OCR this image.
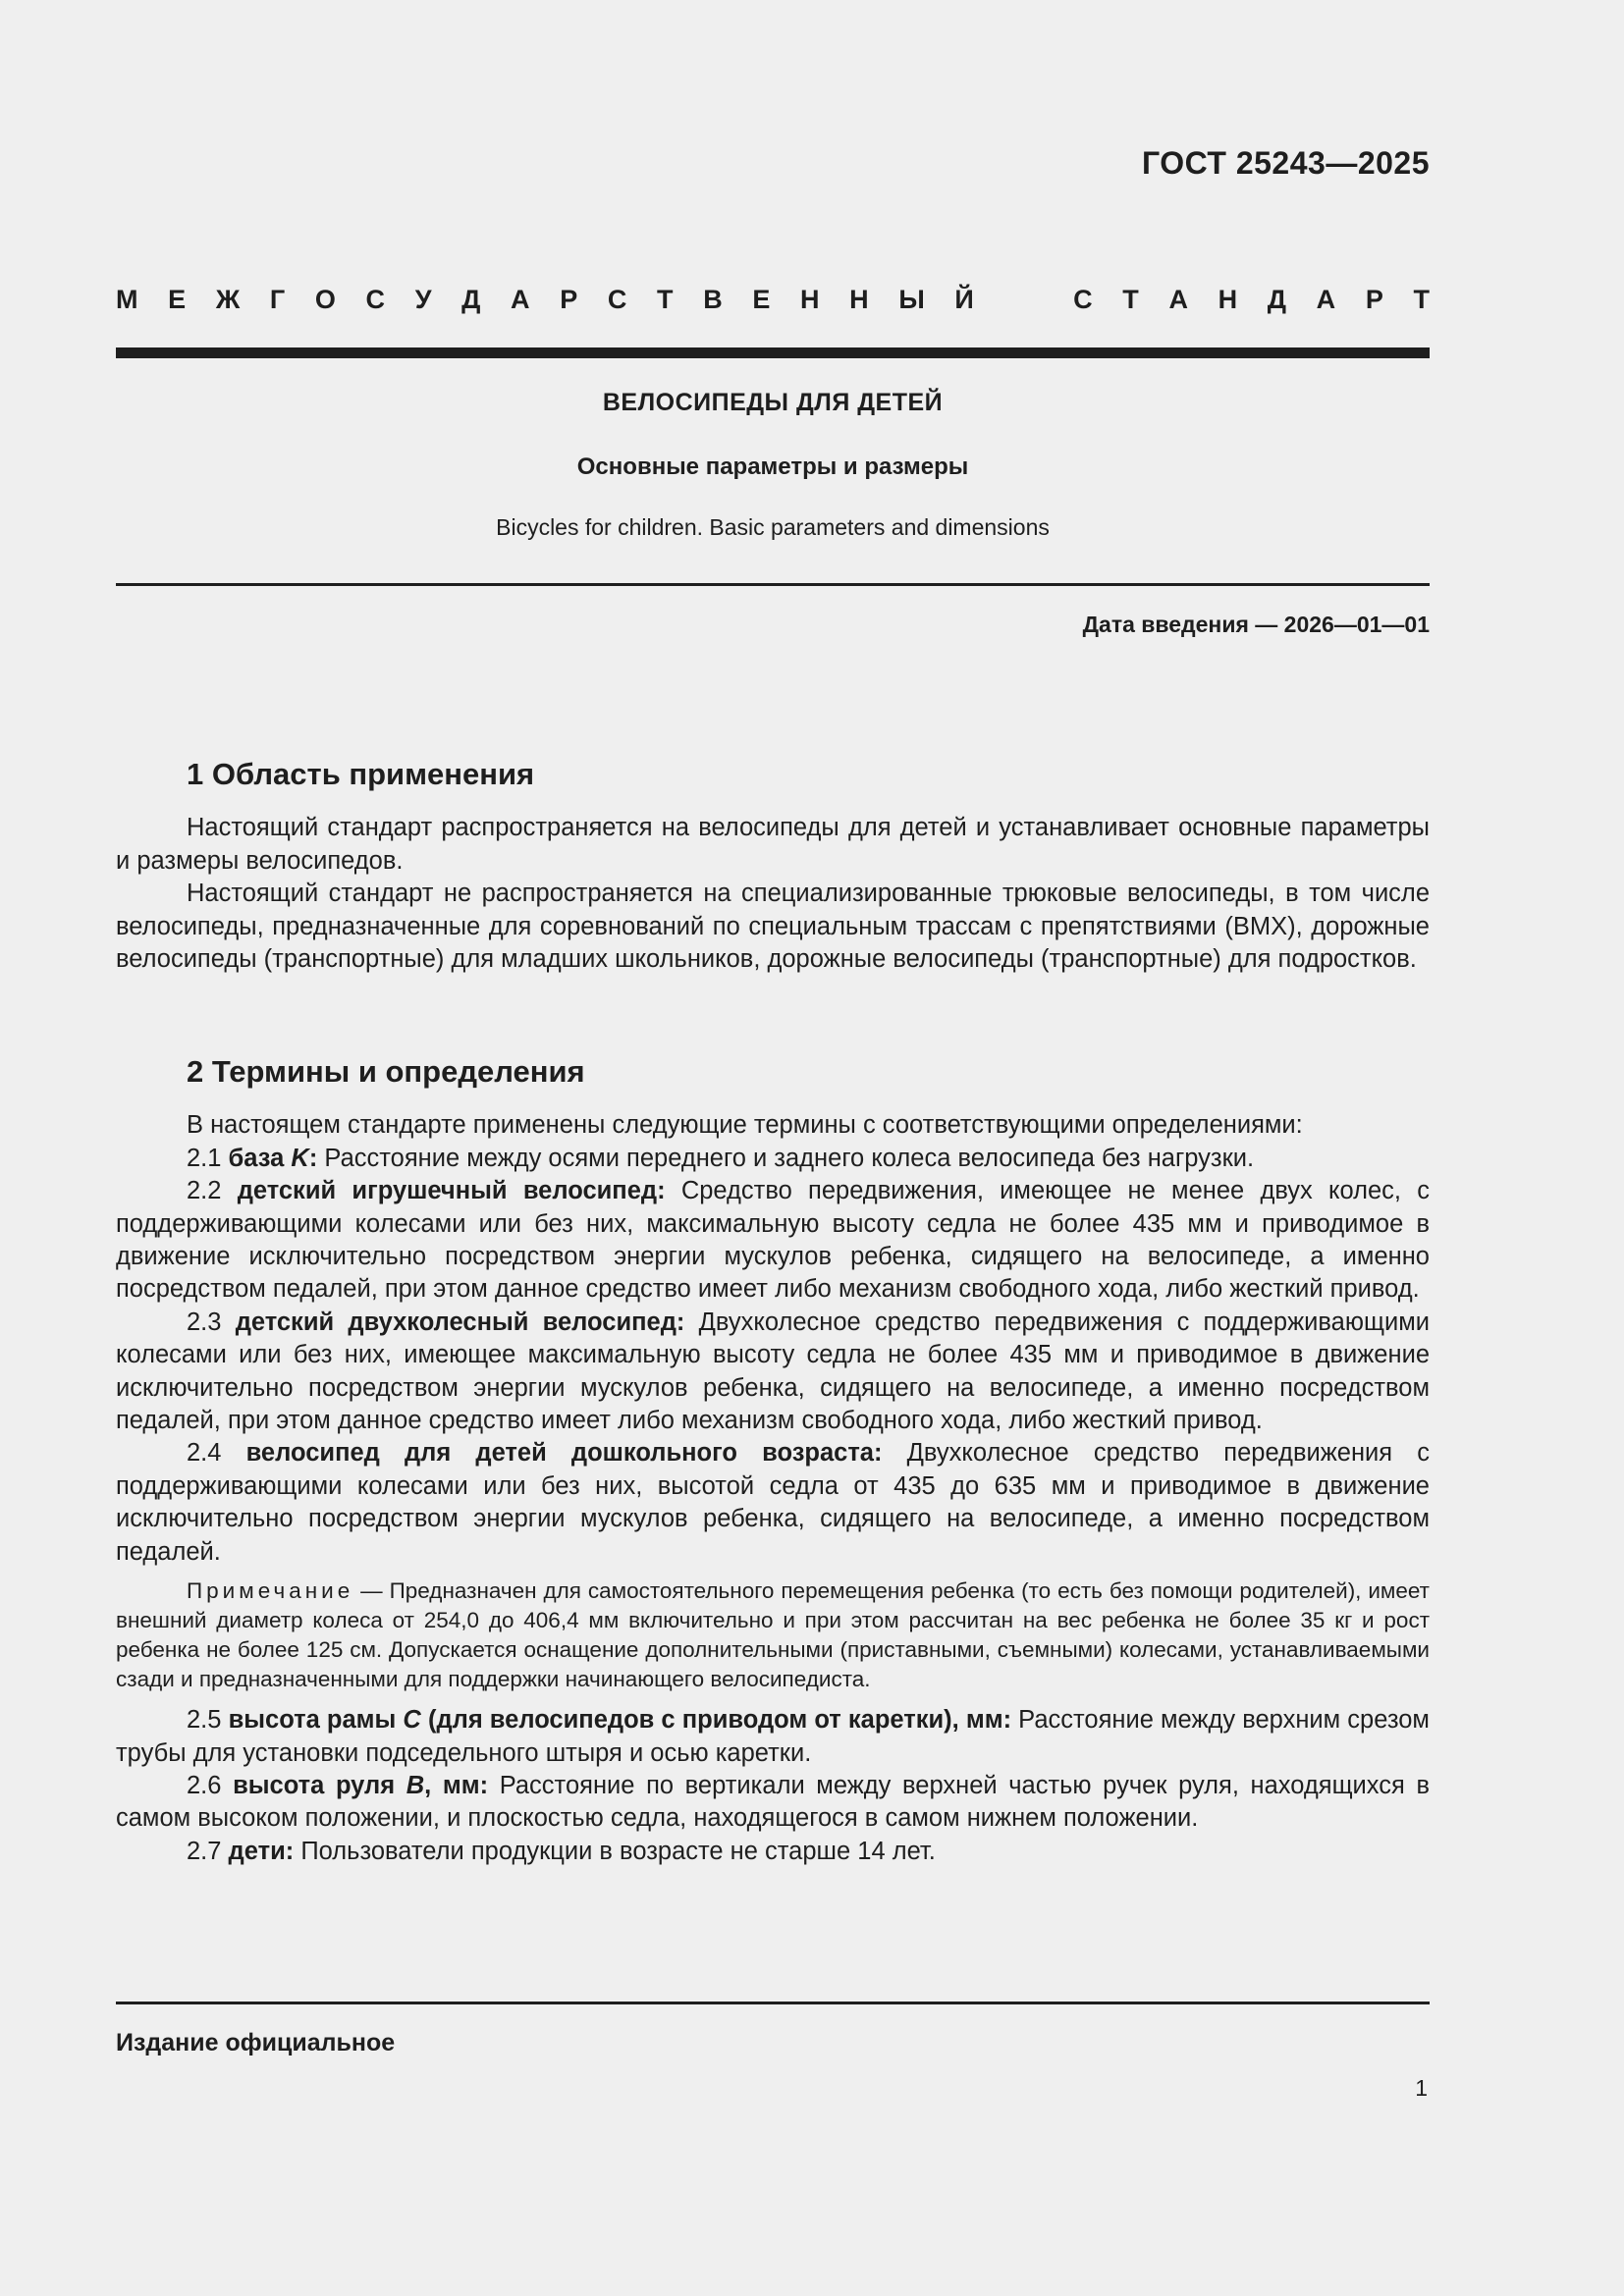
ГОСТ 25243—2025
М Е Ж Г О С У Д А Р С Т В Е Н Н Ы Й	С Т А Н Д А Р Т
ВЕЛОСИПЕДЫ ДЛЯ ДЕТЕЙ
Основные параметры и размеры
Bicycles for children. Basic parameters and dimensions
Дата введения — 2026—01—01
1 Область применения

Настоящий стандарт распространяется на велосипеды для детей и устанавливает основные параметры и размеры велосипедов.

Настоящий стандарт не распространяется на специализированные трюковые велосипеды, в том числе велосипеды, предназначенные для соревнований по специальным трассам с препятствиями (ВМХ), дорожные велосипеды (транспортные) для младших школьников, дорожные велосипеды (транспортные) для подростков.

2 Термины и определения

В настоящем стандарте применены следующие термины с соответствующими определениями:

2.1 база K: Расстояние между осями переднего и заднего колеса велосипеда без нагрузки.

2.2 детский игрушечный велосипед: Средство передвижения, имеющее не менее двух колес, с поддерживающими колесами или без них, максимальную высоту седла не более 435 мм и приводимое в движение исключительно посредством энергии мускулов ребенка, сидящего на велосипеде, а именно посредством педалей, при этом данное средство имеет либо механизм свободного хода, либо жесткий привод.

2.3 детский двухколесный велосипед: Двухколесное средство передвижения с поддерживающими колесами или без них, имеющее максимальную высоту седла не более 435 мм и приводимое в движение исключительно посредством энергии мускулов ребенка, сидящего на велосипеде, а именно посредством педалей, при этом данное средство имеет либо механизм свободного хода, либо жесткий привод.

2.4 велосипед для детей дошкольного возраста: Двухколесное средство передвижения с поддерживающими колесами или без них, высотой седла от 435 до 635 мм и приводимое в движение исключительно посредством энергии мускулов ребенка, сидящего на велосипеде, а именно посредством педалей.

Примечание — Предназначен для самостоятельного перемещения ребенка (то есть без помощи родителей), имеет внешний диаметр колеса от 254,0 до 406,4 мм включительно и при этом рассчитан на вес ребенка не более 35 кг и рост ребенка не более 125 см. Допускается оснащение дополнительными (приставными, съемными) колесами, устанавливаемыми сзади и предназначенными для поддержки начинающего велосипедиста.

2.5 высота рамы С (для велосипедов с приводом от каретки), мм: Расстояние между верхним срезом трубы для установки подседельного штыря и осью каретки.

2.6 высота руля В, мм: Расстояние по вертикали между верхней частью ручек руля, находящихся в самом высоком положении, и плоскостью седла, находящегося в самом нижнем положении.

2.7 дети: Пользователи продукции в возрасте не старше 14 лет.

Издание официальное
1
